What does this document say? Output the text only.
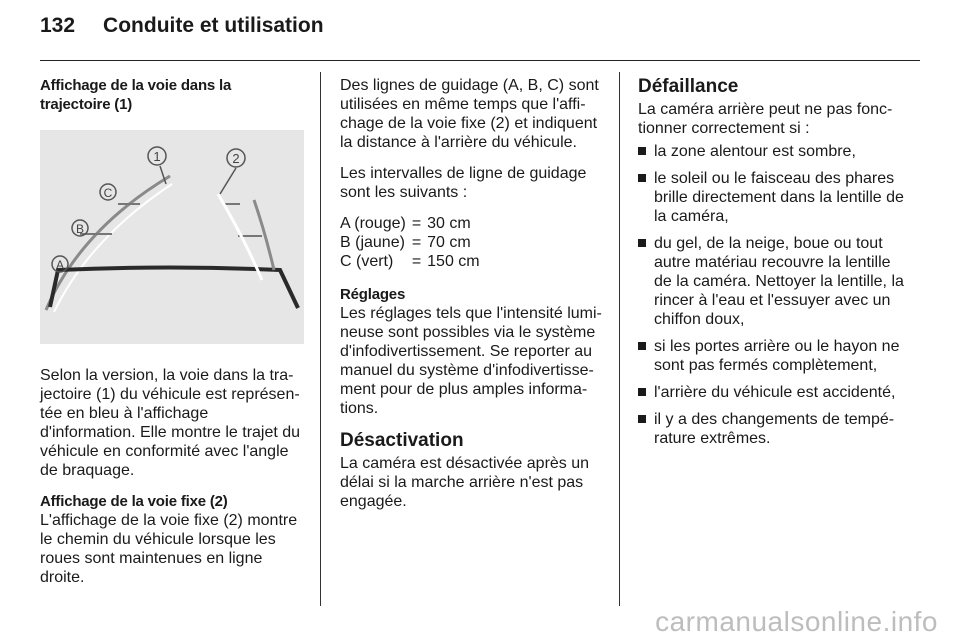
132 Conduite et utilisation
Affichage de la voie dans la trajectoire (1)
1	2
C
B
A

Selon la version, la voie dans la tra-jectoire (1) du véhicule est représen-tée en bleu à l'affichage d'information. Elle montre le trajet du véhicule en conformité avec l'angle de braquage.

Affichage de la voie fixe (2)

L'affichage de la voie fixe (2) montre le chemin du véhicule lorsque les roues sont maintenues en ligne droite.

Des lignes de guidage (A, B, C) sont utilisées en même temps que l'affi-chage de la voie fixe (2) et indiquent la distance à l'arrière du véhicule.

Les intervalles de ligne de guidage sont les suivants :

A (rouge)	=	30 cm
B (jaune)	=	70 cm
C (vert)	=	150 cm
Réglages

Les réglages tels que l'intensité lumi-neuse sont possibles via le système d'infodivertissement. Se reporter au manuel du système d'infodivertisse-ment pour de plus amples informa-tions.

Désactivation

La caméra est désactivée après un délai si la marche arrière n'est pas engagée.

Défaillance

La caméra arrière peut ne pas fonc-tionner correctement si :

la zone alentour est sombre,
le soleil ou le faisceau des phares brille directement dans la lentille de la caméra,
du gel, de la neige, boue ou tout autre matériau recouvre la lentille de la caméra. Nettoyer la lentille, la rincer à l'eau et l'essuyer avec un chiffon doux,
si les portes arrière ou le hayon ne sont pas fermés complètement,
l'arrière du véhicule est accidenté,
il y a des changements de tempé-rature extrêmes.
carmanualsonline.info
